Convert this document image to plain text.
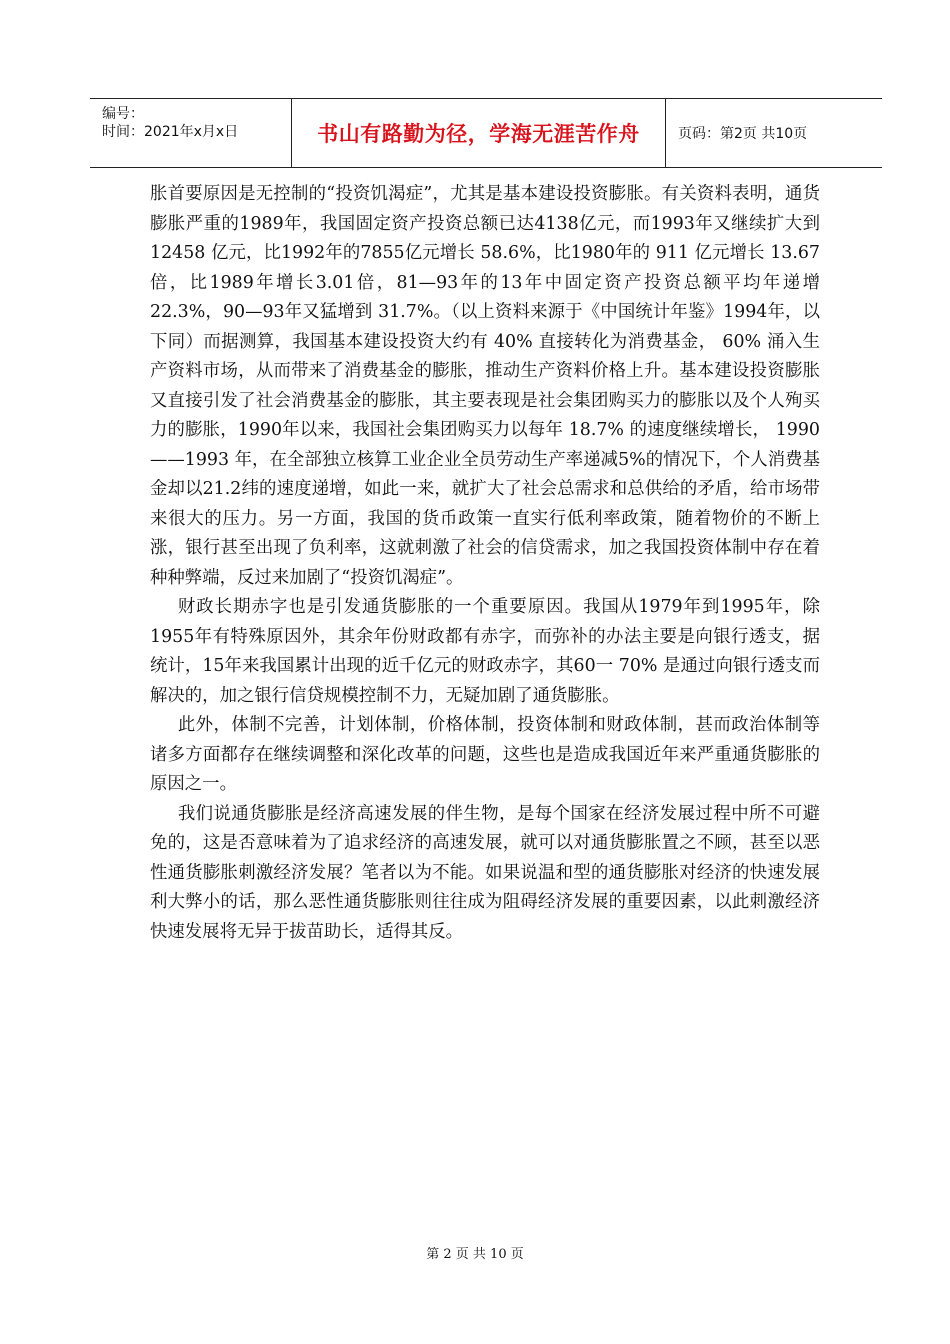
编号：
时间：2021年x月x日	书山有路勤为径，学海无涯苦作舟	页码：第2页 共10页

胀首要原因是无控制的“投资饥渴症”，尤其是基本建设投资膨胀。有关资料表明，通货膨胀严重的1989年，我国固定资产投资总额已达4138亿元，而1993年又继续扩大到 12458 亿元，比1992年的7855亿元增长 58.6%，比1980年的 911 亿元增长 13.67 倍，比1989年增长3.01倍，81—93年的13年中固定资产投资总额平均年递增 22.3%，90—93年又猛增到 31.7%。（以上资料来源于《中国统计年鉴》1994年，以下同）而据测算，我国基本建设投资大约有 40% 直接转化为消费基金， 60% 涌入生产资料市场，从而带来了消费基金的膨胀，推动生产资料价格上升。基本建设投资膨胀又直接引发了社会消费基金的膨胀，其主要表现是社会集团购买力的膨胀以及个人殉买力的膨胀，1990年以来，我国社会集团购买力以每年 18.7% 的速度继续增长， 1990——1993 年，在全部独立核算工业企业全员劳动生产率递减5%的情况下，个人消费基金却以21.2纬的速度递增，如此一来，就扩大了社会总需求和总供给的矛盾，给市场带来很大的压力。另一方面，我国的货币政策一直实行低利率政策，随着物价的不断上涨，银行甚至出现了负利率，这就刺激了社会的信贷需求，加之我国投资体制中存在着种种弊端，反过来加剧了“投资饥渴症”。

财政长期赤字也是引发通货膨胀的一个重要原因。我国从1979年到1995年，除1955年有特殊原因外，其余年份财政都有赤字，而弥补的办法主要是向银行透支，据统计，15年来我国累计出现的近千亿元的财政赤字，其60一 70% 是通过向银行透支而解决的，加之银行信贷规模控制不力，无疑加剧了通货膨胀。

此外，体制不完善，计划体制，价格体制，投资体制和财政体制，甚而政治体制等诸多方面都存在继续调整和深化改革的问题，这些也是造成我国近年来严重通货膨胀的原因之一。

我们说通货膨胀是经济高速发展的伴生物，是每个国家在经济发展过程中所不可避免的，这是否意味着为了追求经济的高速发展，就可以对通货膨胀置之不顾，甚至以恶性通货膨胀刺激经济发展？笔者以为不能。如果说温和型的通货膨胀对经济的快速发展利大弊小的话，那么恶性通货膨胀则往往成为阻碍经济发展的重要因素，以此刺激经济快速发展将无异于拔苗助长，适得其反。

第 2 页 共 10 页
